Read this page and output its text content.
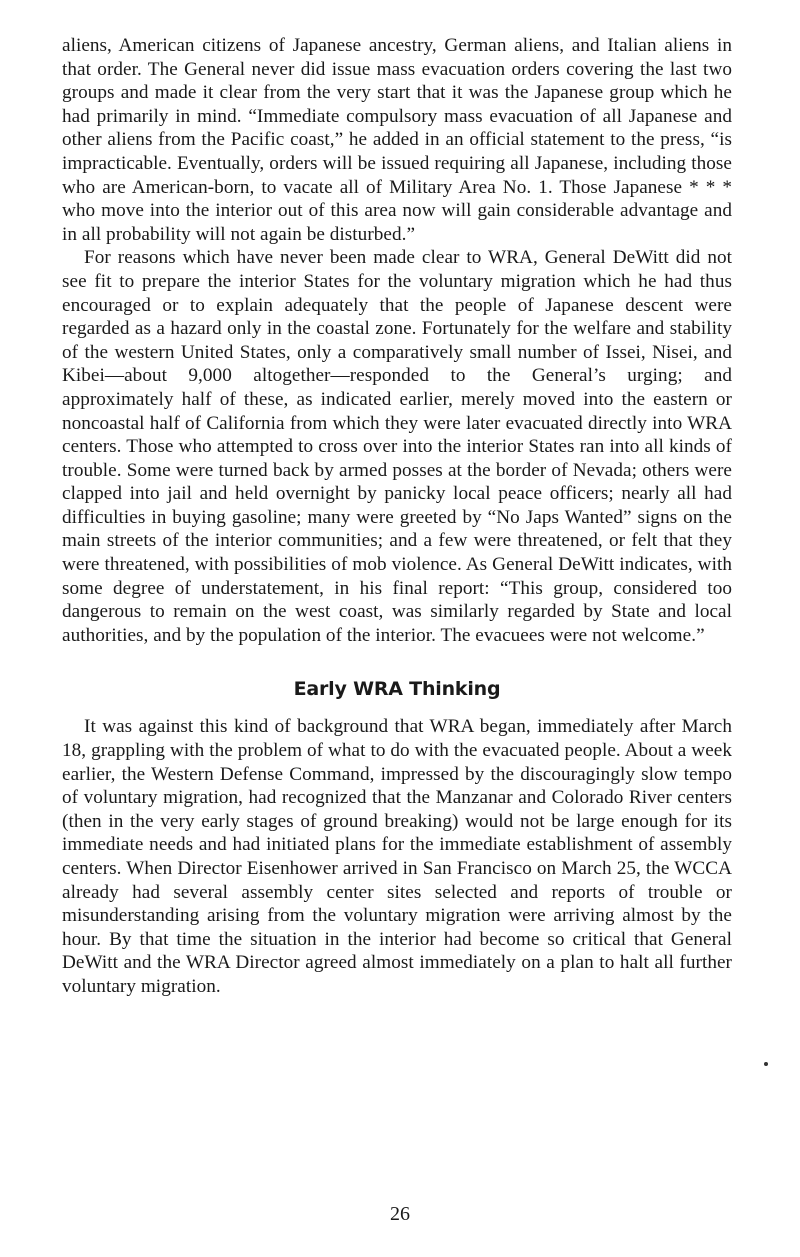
aliens, American citizens of Japanese ancestry, German aliens, and Italian aliens in that order. The General never did issue mass evacuation orders covering the last two groups and made it clear from the very start that it was the Japanese group which he had primarily in mind. “Immediate compulsory mass evacuation of all Japanese and other aliens from the Pacific coast,” he added in an official statement to the press, “is impracticable. Eventually, orders will be issued requiring all Japanese, including those who are American-born, to vacate all of Military Area No. 1. Those Japanese * * * who move into the interior out of this area now will gain considerable advantage and in all probability will not again be disturbed.”

For reasons which have never been made clear to WRA, General DeWitt did not see fit to prepare the interior States for the voluntary migration which he had thus encouraged or to explain adequately that the people of Japanese descent were regarded as a hazard only in the coastal zone. Fortunately for the welfare and stability of the western United States, only a comparatively small number of Issei, Nisei, and Kibei—about 9,000 altogether—responded to the General’s urging; and approximately half of these, as indicated earlier, merely moved into the eastern or noncoastal half of California from which they were later evacuated directly into WRA centers. Those who attempted to cross over into the interior States ran into all kinds of trouble. Some were turned back by armed posses at the border of Nevada; others were clapped into jail and held overnight by panicky local peace officers; nearly all had difficulties in buying gasoline; many were greeted by “No Japs Wanted” signs on the main streets of the interior communities; and a few were threatened, or felt that they were threatened, with possibilities of mob violence. As General DeWitt indicates, with some degree of understatement, in his final report: “This group, considered too dangerous to remain on the west coast, was similarly regarded by State and local authorities, and by the population of the interior. The evacuees were not welcome.”

Early WRA Thinking

It was against this kind of background that WRA began, immediately after March 18, grappling with the problem of what to do with the evacuated people. About a week earlier, the Western Defense Command, impressed by the discouragingly slow tempo of voluntary migration, had recognized that the Manzanar and Colorado River centers (then in the very early stages of ground breaking) would not be large enough for its immediate needs and had initiated plans for the immediate establishment of assembly centers. When Director Eisenhower arrived in San Francisco on March 25, the WCCA already had several assembly center sites selected and reports of trouble or misunderstanding arising from the voluntary migration were arriving almost by the hour. By that time the situation in the interior had become so critical that General DeWitt and the WRA Director agreed almost immediately on a plan to halt all further voluntary migration.

26
